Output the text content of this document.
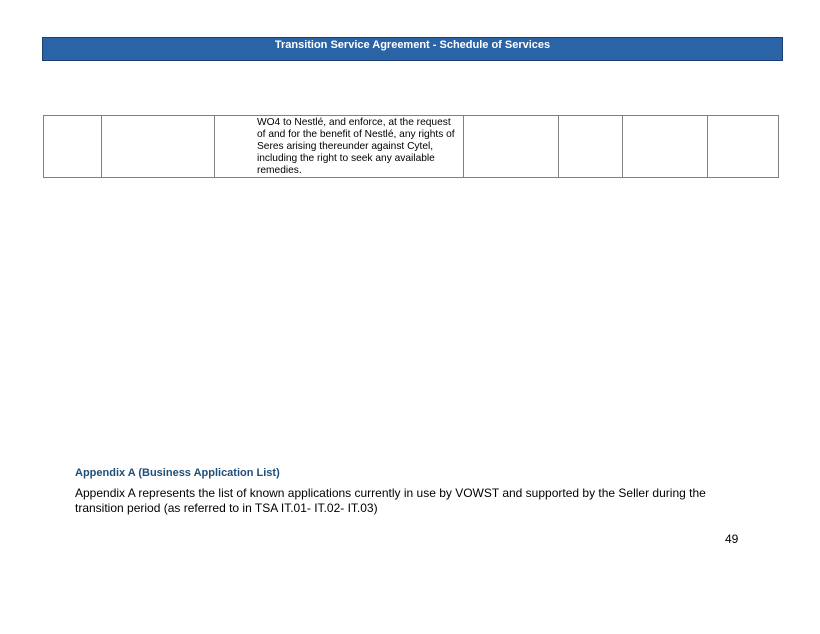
Transition Service Agreement - Schedule of Services

WO4 to Nestlé, and enforce, at the request of and for the benefit of Nestlé, any rights of Seres arising thereunder against Cytel, including the right to seek any available remedies.

Appendix A (Business Application List)
Appendix A represents the list of known applications currently in use by VOWST and supported by the Seller during the transition period (as referred to in TSA IT.01- IT.02- IT.03)
49
